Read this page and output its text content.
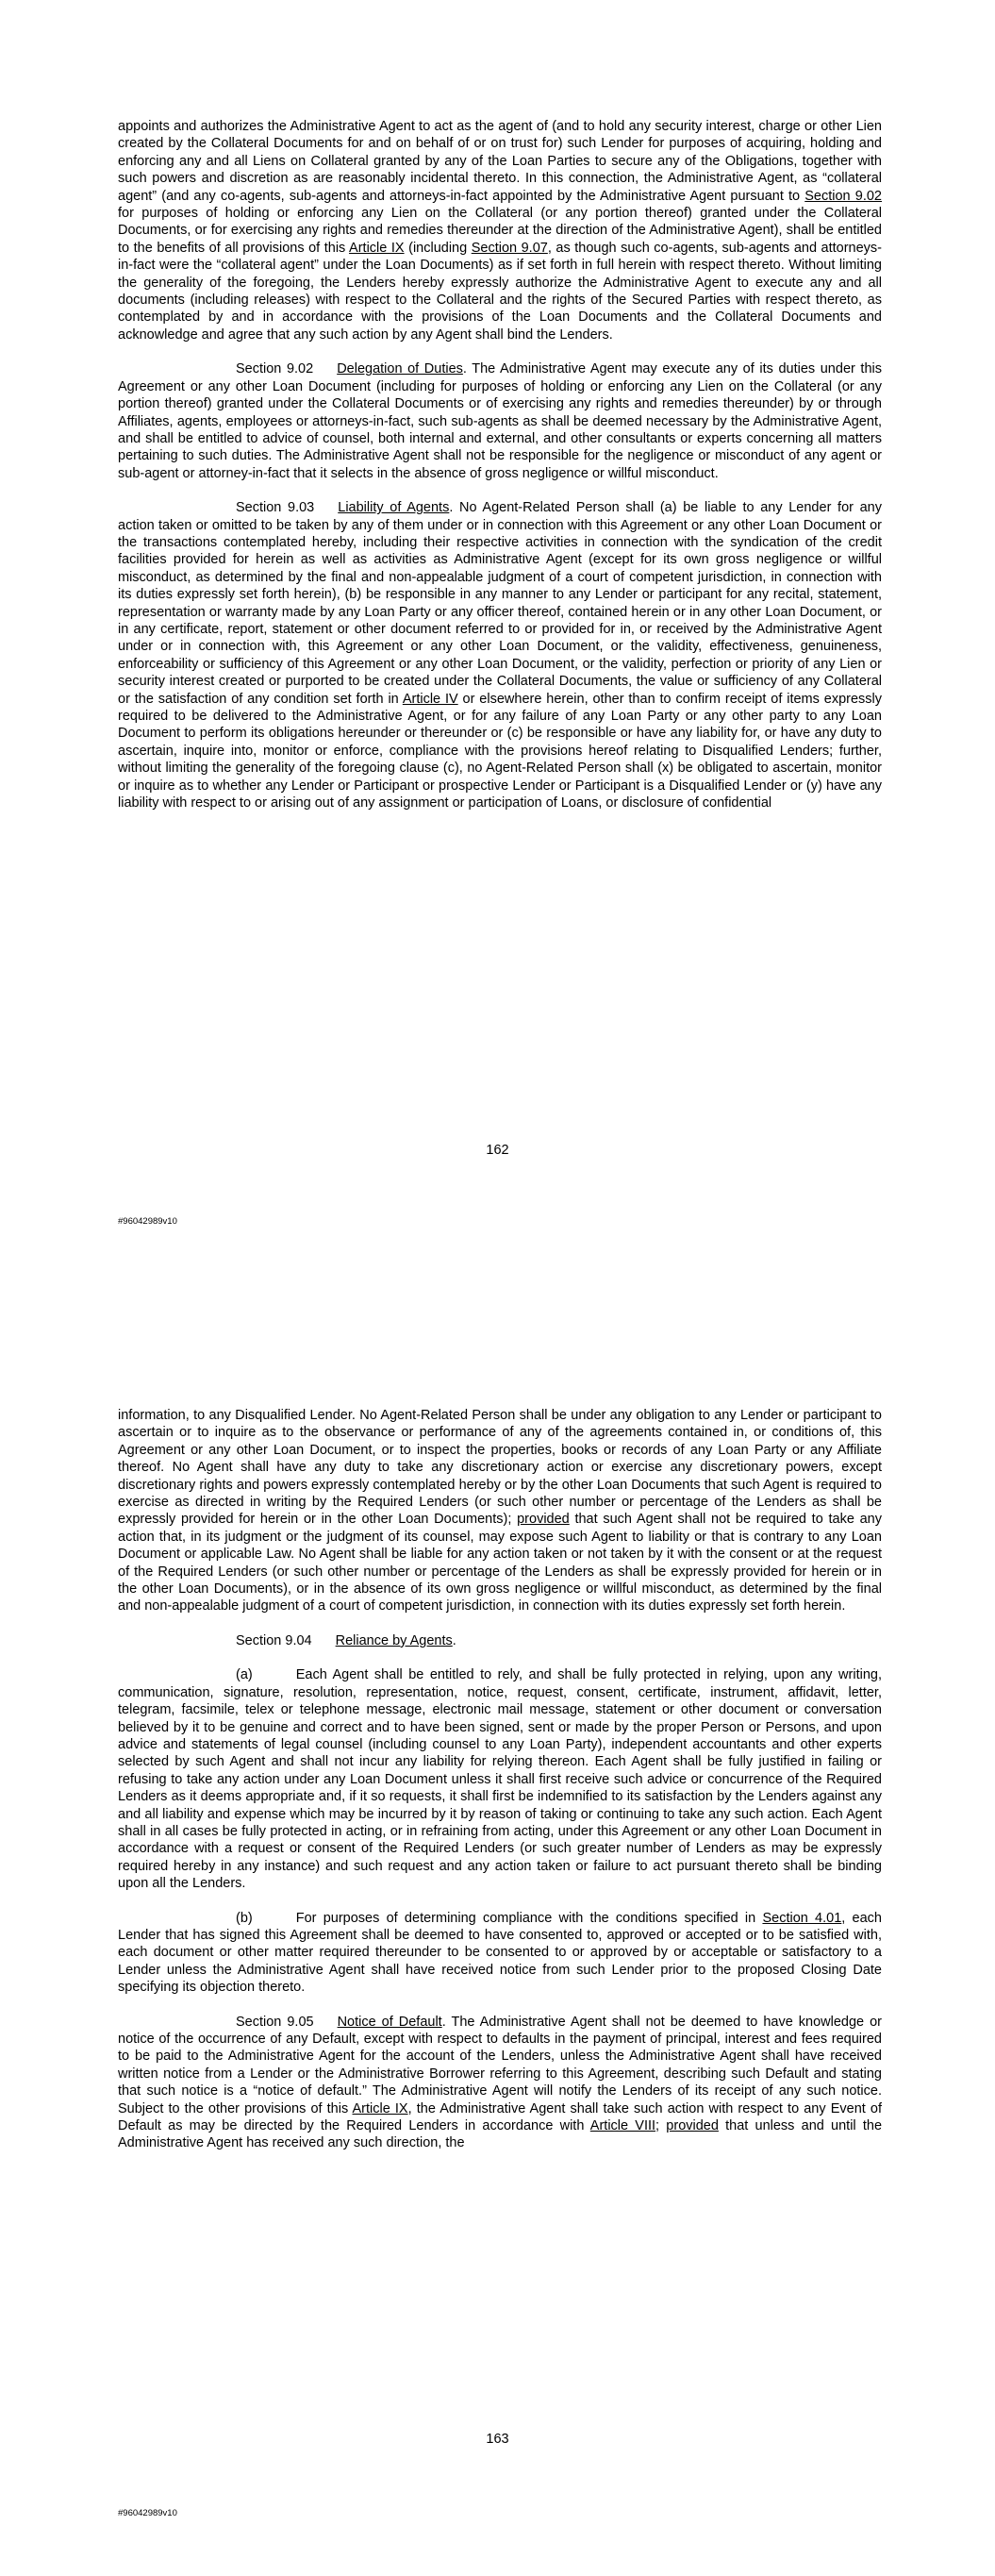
appoints and authorizes the Administrative Agent to act as the agent of (and to hold any security interest, charge or other Lien created by the Collateral Documents for and on behalf of or on trust for) such Lender for purposes of acquiring, holding and enforcing any and all Liens on Collateral granted by any of the Loan Parties to secure any of the Obligations, together with such powers and discretion as are reasonably incidental thereto. In this connection, the Administrative Agent, as “collateral agent” (and any co-agents, sub-agents and attorneys-in-fact appointed by the Administrative Agent pursuant to Section 9.02 for purposes of holding or enforcing any Lien on the Collateral (or any portion thereof) granted under the Collateral Documents, or for exercising any rights and remedies thereunder at the direction of the Administrative Agent), shall be entitled to the benefits of all provisions of this Article IX (including Section 9.07, as though such co-agents, sub-agents and attorneys-in-fact were the “collateral agent” under the Loan Documents) as if set forth in full herein with respect thereto. Without limiting the generality of the foregoing, the Lenders hereby expressly authorize the Administrative Agent to execute any and all documents (including releases) with respect to the Collateral and the rights of the Secured Parties with respect thereto, as contemplated by and in accordance with the provisions of the Loan Documents and the Collateral Documents and acknowledge and agree that any such action by any Agent shall bind the Lenders.

Section 9.02 Delegation of Duties. The Administrative Agent may execute any of its duties under this Agreement or any other Loan Document (including for purposes of holding or enforcing any Lien on the Collateral (or any portion thereof) granted under the Collateral Documents or of exercising any rights and remedies thereunder) by or through Affiliates, agents, employees or attorneys-in-fact, such sub-agents as shall be deemed necessary by the Administrative Agent, and shall be entitled to advice of counsel, both internal and external, and other consultants or experts concerning all matters pertaining to such duties. The Administrative Agent shall not be responsible for the negligence or misconduct of any agent or sub-agent or attorney-in-fact that it selects in the absence of gross negligence or willful misconduct.

Section 9.03 Liability of Agents. No Agent-Related Person shall (a) be liable to any Lender for any action taken or omitted to be taken by any of them under or in connection with this Agreement or any other Loan Document or the transactions contemplated hereby, including their respective activities in connection with the syndication of the credit facilities provided for herein as well as activities as Administrative Agent (except for its own gross negligence or willful misconduct, as determined by the final and non-appealable judgment of a court of competent jurisdiction, in connection with its duties expressly set forth herein), (b) be responsible in any manner to any Lender or participant for any recital, statement, representation or warranty made by any Loan Party or any officer thereof, contained herein or in any other Loan Document, or in any certificate, report, statement or other document referred to or provided for in, or received by the Administrative Agent under or in connection with, this Agreement or any other Loan Document, or the validity, effectiveness, genuineness, enforceability or sufficiency of this Agreement or any other Loan Document, or the validity, perfection or priority of any Lien or security interest created or purported to be created under the Collateral Documents, the value or sufficiency of any Collateral or the satisfaction of any condition set forth in Article IV or elsewhere herein, other than to confirm receipt of items expressly required to be delivered to the Administrative Agent, or for any failure of any Loan Party or any other party to any Loan Document to perform its obligations hereunder or thereunder or (c) be responsible or have any liability for, or have any duty to ascertain, inquire into, monitor or enforce, compliance with the provisions hereof relating to Disqualified Lenders; further, without limiting the generality of the foregoing clause (c), no Agent-Related Person shall (x) be obligated to ascertain, monitor or inquire as to whether any Lender or Participant or prospective Lender or Participant is a Disqualified Lender or (y) have any liability with respect to or arising out of any assignment or participation of Loans, or disclosure of confidential

162
#96042989v10

information, to any Disqualified Lender. No Agent-Related Person shall be under any obligation to any Lender or participant to ascertain or to inquire as to the observance or performance of any of the agreements contained in, or conditions of, this Agreement or any other Loan Document, or to inspect the properties, books or records of any Loan Party or any Affiliate thereof. No Agent shall have any duty to take any discretionary action or exercise any discretionary powers, except discretionary rights and powers expressly contemplated hereby or by the other Loan Documents that such Agent is required to exercise as directed in writing by the Required Lenders (or such other number or percentage of the Lenders as shall be expressly provided for herein or in the other Loan Documents); provided that such Agent shall not be required to take any action that, in its judgment or the judgment of its counsel, may expose such Agent to liability or that is contrary to any Loan Document or applicable Law. No Agent shall be liable for any action taken or not taken by it with the consent or at the request of the Required Lenders (or such other number or percentage of the Lenders as shall be expressly provided for herein or in the other Loan Documents), or in the absence of its own gross negligence or willful misconduct, as determined by the final and non-appealable judgment of a court of competent jurisdiction, in connection with its duties expressly set forth herein.

Section 9.04 Reliance by Agents.

(a)	Each Agent shall be entitled to rely, and shall be fully protected in relying, upon any writing, communication, signature, resolution, representation, notice, request, consent, certificate, instrument, affidavit, letter, telegram, facsimile, telex or telephone message, electronic mail message, statement or other document or conversation believed by it to be genuine and correct and to have been signed, sent or made by the proper Person or Persons, and upon advice and statements of legal counsel (including counsel to any Loan Party), independent accountants and other experts selected by such Agent and shall not incur any liability for relying thereon. Each Agent shall be fully justified in failing or refusing to take any action under any Loan Document unless it shall first receive such advice or concurrence of the Required Lenders as it deems appropriate and, if it so requests, it shall first be indemnified to its satisfaction by the Lenders against any and all liability and expense which may be incurred by it by reason of taking or continuing to take any such action. Each Agent shall in all cases be fully protected in acting, or in refraining from acting, under this Agreement or any other Loan Document in accordance with a request or consent of the Required Lenders (or such greater number of Lenders as may be expressly required hereby in any instance) and such request and any action taken or failure to act pursuant thereto shall be binding upon all the Lenders.

(b)	For purposes of determining compliance with the conditions specified in Section 4.01, each Lender that has signed this Agreement shall be deemed to have consented to, approved or accepted or to be satisfied with, each document or other matter required thereunder to be consented to or approved by or acceptable or satisfactory to a Lender unless the Administrative Agent shall have received notice from such Lender prior to the proposed Closing Date specifying its objection thereto.

Section 9.05 Notice of Default. The Administrative Agent shall not be deemed to have knowledge or notice of the occurrence of any Default, except with respect to defaults in the payment of principal, interest and fees required to be paid to the Administrative Agent for the account of the Lenders, unless the Administrative Agent shall have received written notice from a Lender or the Administrative Borrower referring to this Agreement, describing such Default and stating that such notice is a “notice of default.” The Administrative Agent will notify the Lenders of its receipt of any such notice. Subject to the other provisions of this Article IX, the Administrative Agent shall take such action with respect to any Event of Default as may be directed by the Required Lenders in accordance with Article VIII; provided that unless and until the Administrative Agent has received any such direction, the

163
#96042989v10
